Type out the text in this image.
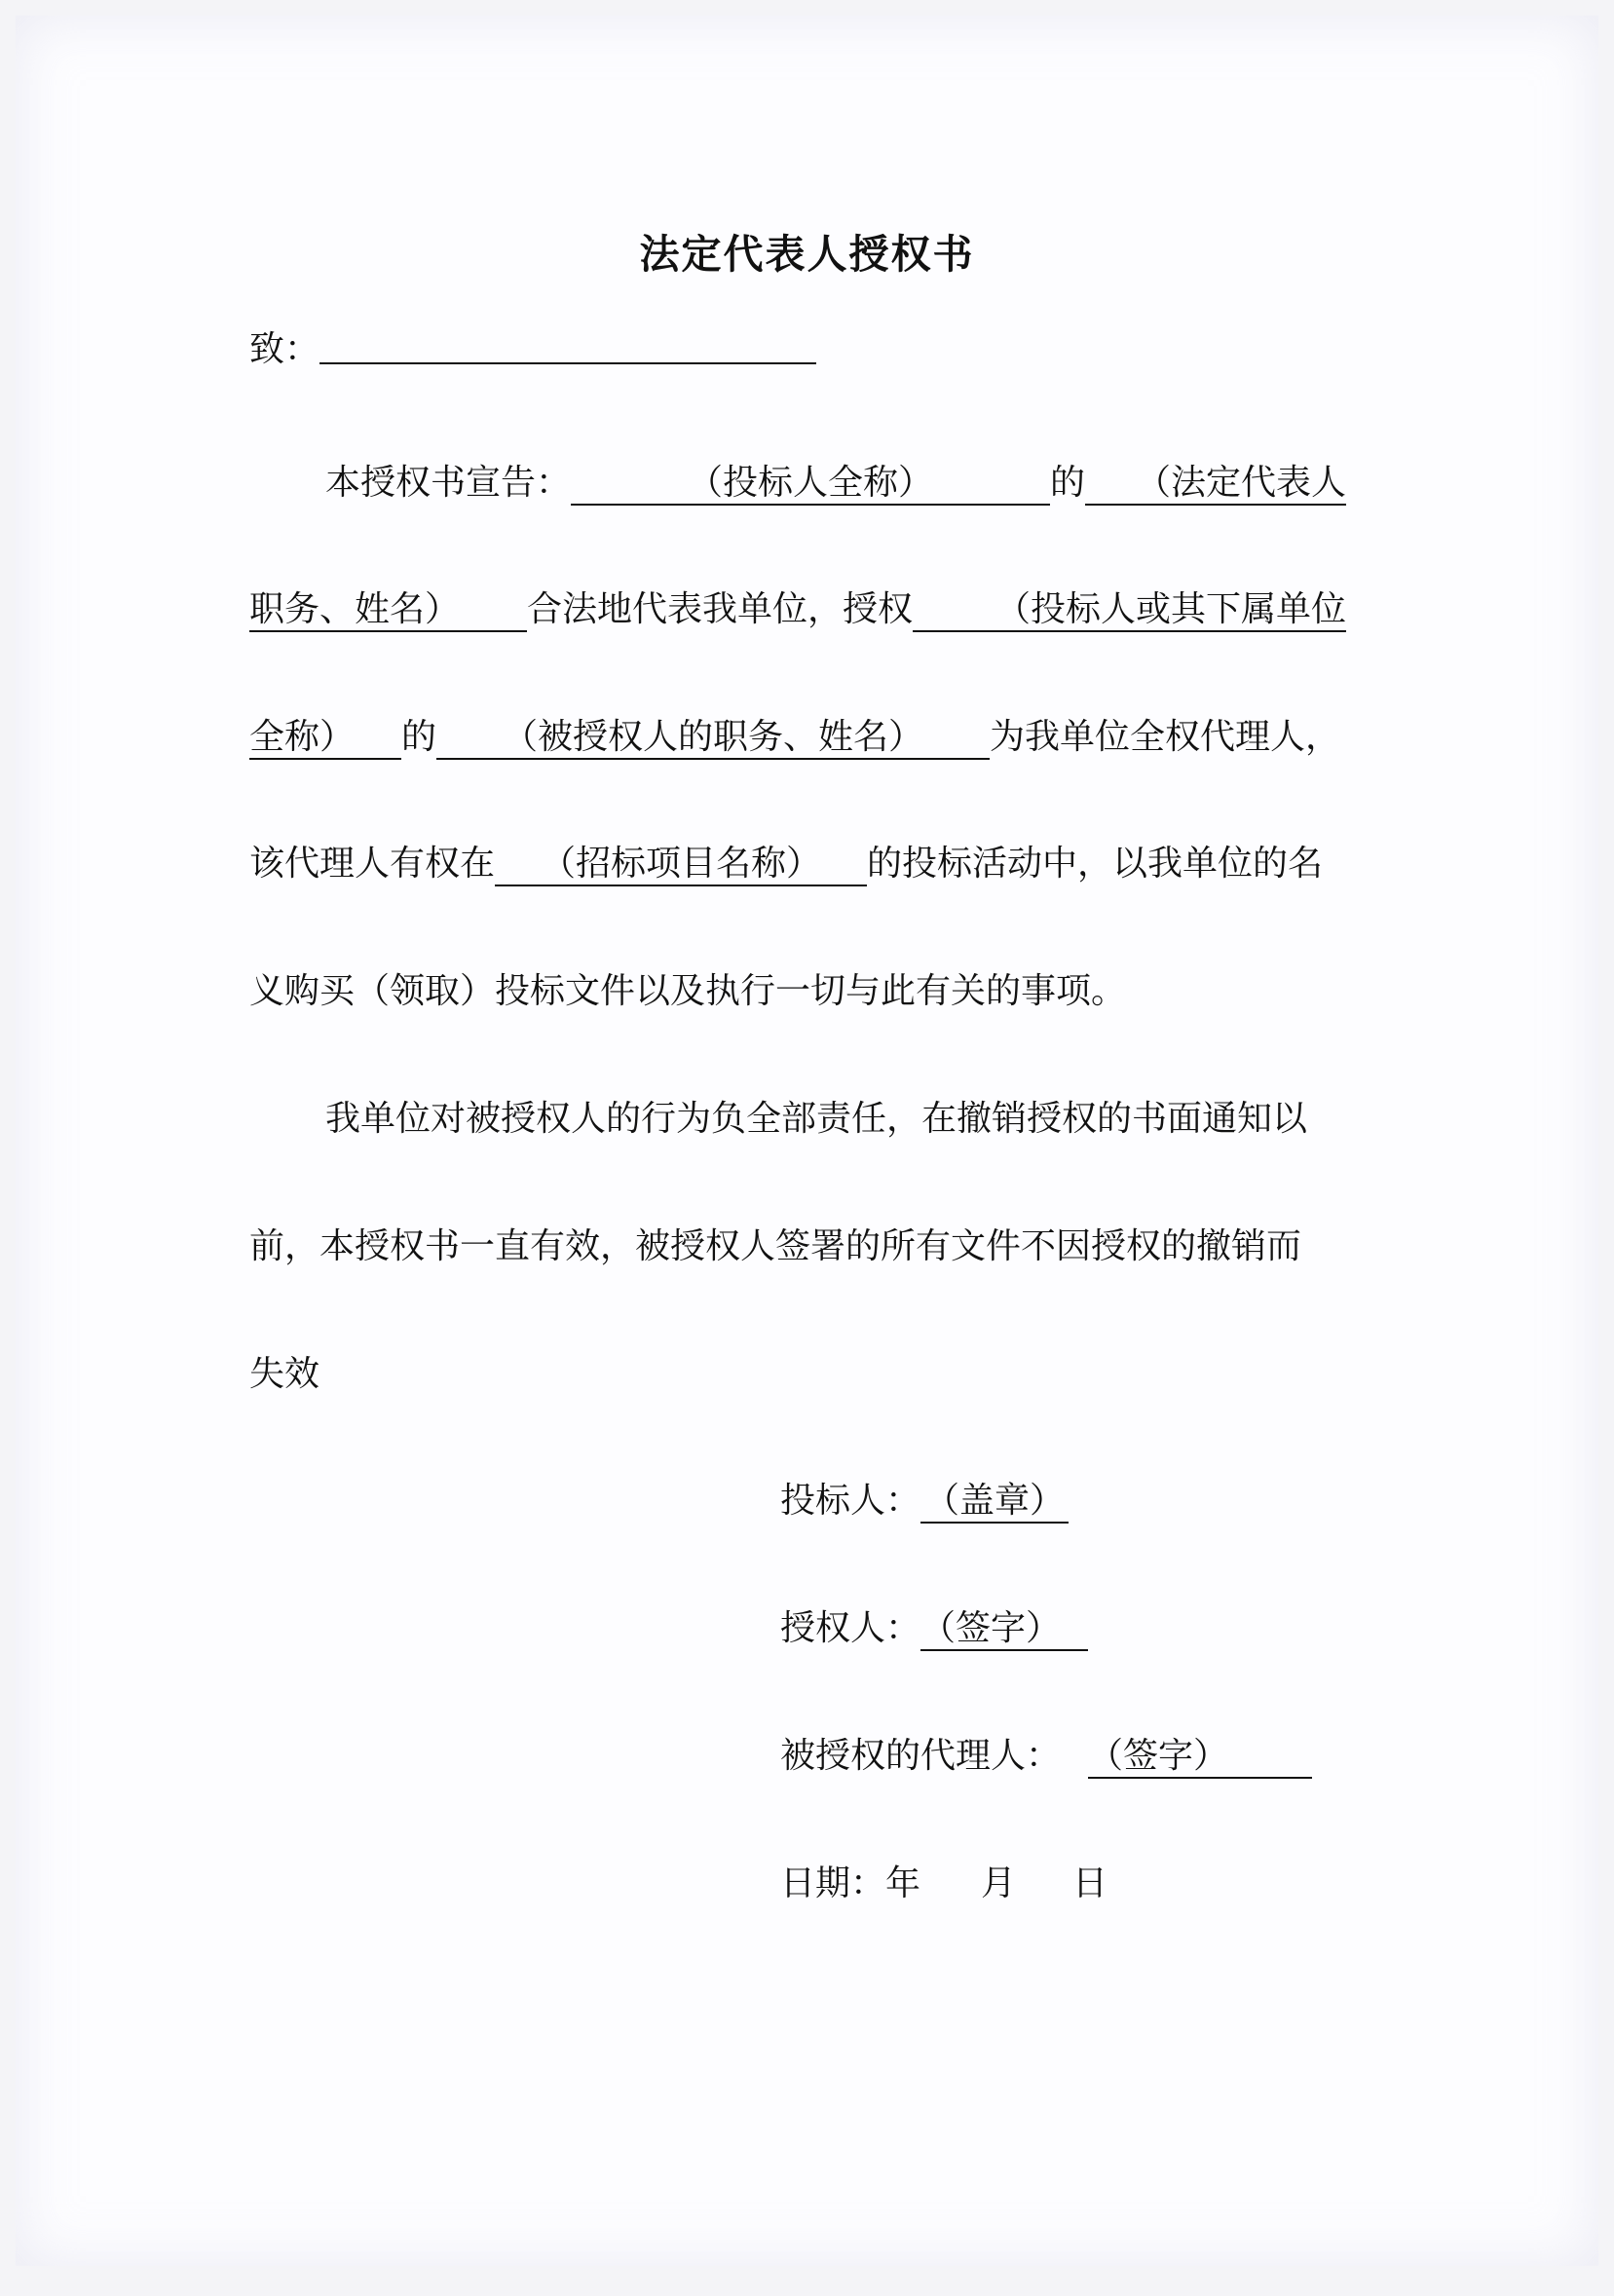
法定代表人授权书
致：
本授权书宣告：	（投标人全称）	的 （法定代表人
职务、姓名） 合法地代表我单位，授权 （投标人或其下属单位
全称） 的 （被授权人的职务、姓名） 为我单位全权代理人，
该代理人有权在 （招标项目名称） 的投标活动中，以我单位的名
义购买（领取）投标文件以及执行一切与此有关的事项。
我单位对被授权人的行为负全部责任，在撤销授权的书面通知以
前，本授权书一直有效，被授权人签署的所有文件不因授权的撤销而
失效
投标人： （盖章）
授权人：（签字）
被授权的代理人： （签字）
日期：年 月 日
